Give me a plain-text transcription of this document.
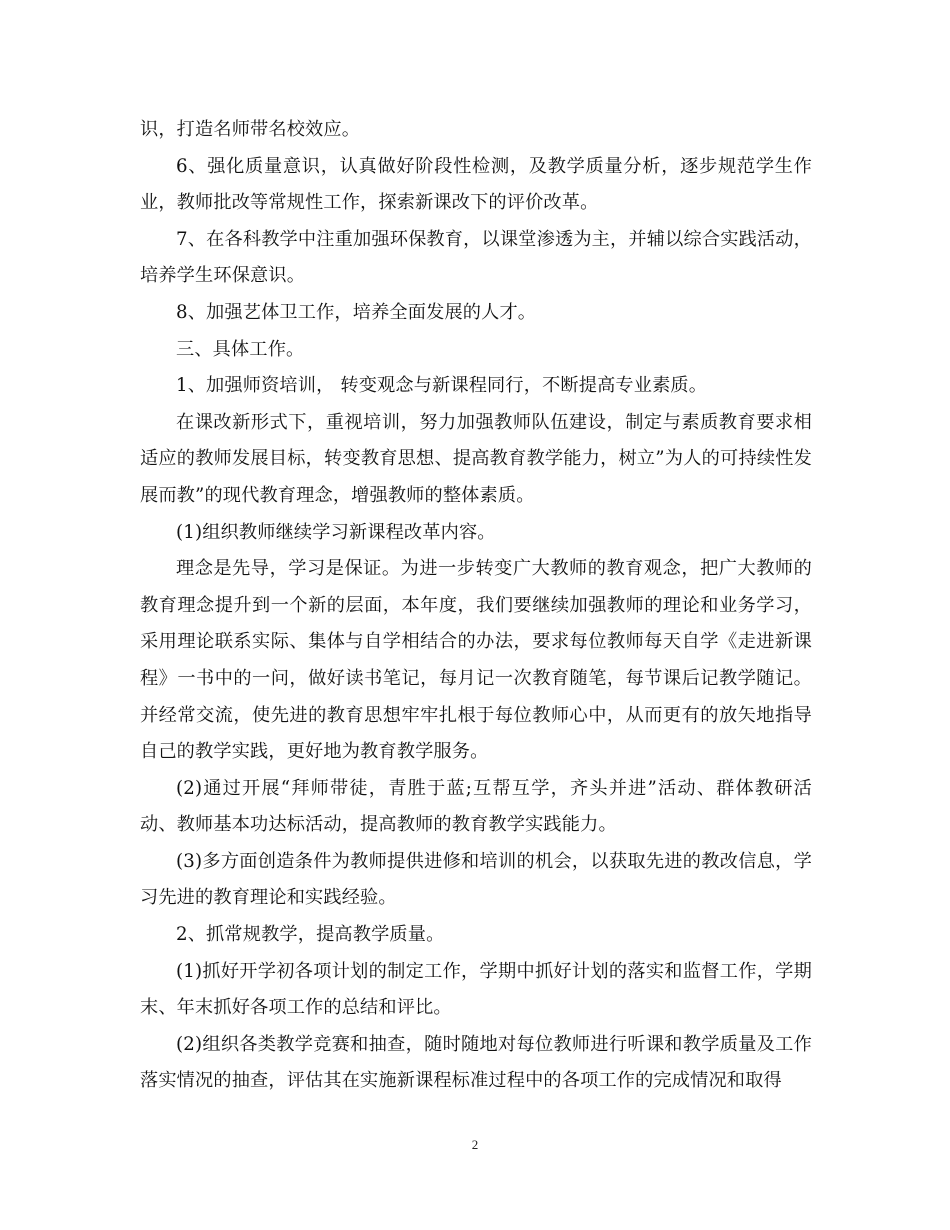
识，打造名师带名校效应。

6、强化质量意识，认真做好阶段性检测，及教学质量分析，逐步规范学生作业，教师批改等常规性工作，探索新课改下的评价改革。

7、在各科教学中注重加强环保教育，以课堂渗透为主，并辅以综合实践活动，培养学生环保意识。

8、加强艺体卫工作，培养全面发展的人才。

三、具体工作。

1、加强师资培训， 转变观念与新课程同行，不断提高专业素质。

在课改新形式下，重视培训，努力加强教师队伍建设，制定与素质教育要求相适应的教师发展目标，转变教育思想、提高教育教学能力，树立”为人的可持续性发展而教”的现代教育理念，增强教师的整体素质。

(1)组织教师继续学习新课程改革内容。

理念是先导，学习是保证。为进一步转变广大教师的教育观念，把广大教师的教育理念提升到一个新的层面，本年度，我们要继续加强教师的理论和业务学习，采用理论联系实际、集体与自学相结合的办法，要求每位教师每天自学《走进新课程》一书中的一问，做好读书笔记，每月记一次教育随笔，每节课后记教学随记。并经常交流，使先进的教育思想牢牢扎根于每位教师心中，从而更有的放矢地指导自己的教学实践，更好地为教育教学服务。

(2)通过开展“拜师带徒，青胜于蓝;互帮互学，齐头并进”活动、群体教研活动、教师基本功达标活动，提高教师的教育教学实践能力。

(3)多方面创造条件为教师提供进修和培训的机会，以获取先进的教改信息，学习先进的教育理论和实践经验。

2、抓常规教学，提高教学质量。

(1)抓好开学初各项计划的制定工作，学期中抓好计划的落实和监督工作，学期末、年末抓好各项工作的总结和评比。

(2)组织各类教学竞赛和抽查，随时随地对每位教师进行听课和教学质量及工作落实情况的抽查，评估其在实施新课程标准过程中的各项工作的完成情况和取得

2
